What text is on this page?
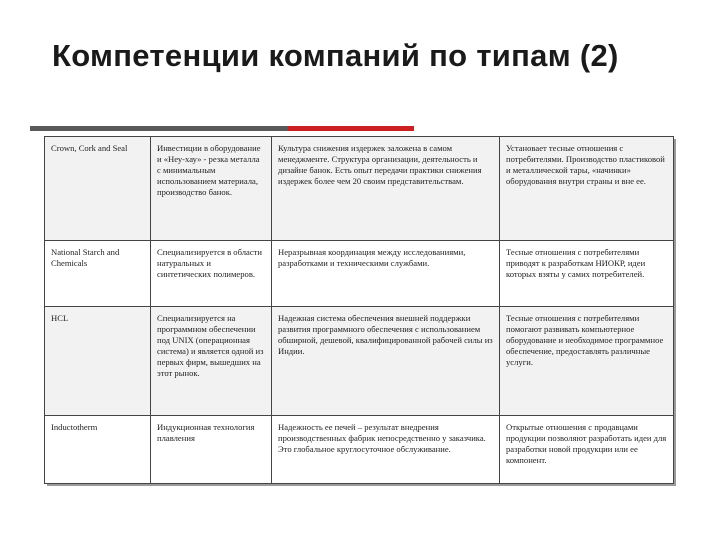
Компетенции компаний по типам (2)
Crown, Cork and Seal	Инвестиции в оборудование и «Неу-хау» - резка металла с минимальным использованием материала, производство банок.	Культура снижения издержек заложена в самом менеджменте. Структура организации, деятельность и дизайне банок. Есть опыт передачи практики снижения издержек более чем 20 своим представительствам.	Установает тесные отношения с потребителями. Производство пластиковой и металлической тары, «начинки» оборудования внутри страны и вне ее.
National Starch and Chemicals	Специализируется в области натуральных и синтетических полимеров.	Неразрывная координация между исследованиями, разработками и техническими службами.	Тесные отношения с потребителями приводят к разработкам НИОКР, идеи которых взяты у самих потребителей.
HCL	Специализируется на программном обеспечении под UNIX (операционная система) и является одной из первых фирм, вышедших на этот рынок.	Надежная система обеспечения внешней поддержки развития программного обеспечения с использованием обширной, дешевой, квалифицированной рабочей силы из Индии.	Тесные отношения с потребителями помогают развивать компьютерное оборудование и необходимое программное обеспечение, предоставлять различные услуги.
Inductotherm	Индукционная технология плавления	Надежность ее печей – результат внедрения производственных фабрик непосредственно у заказчика. Это глобальное круглосуточное обслуживание.	Открытые отношения с продавцами продукции позволяют разработать идеи для разработки новой продукции или ее компонент.
